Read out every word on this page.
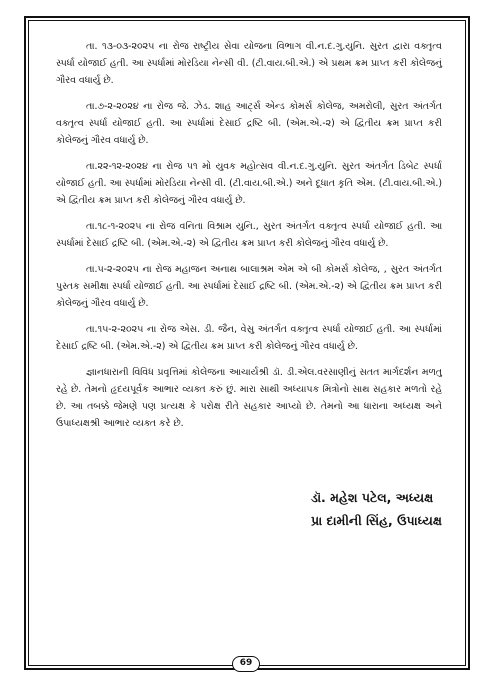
તા. ૧૩-૦૩-૨૦૨૫ ના રોજ રાષ્ટ્રીય સેવા યોજના વિભાગ વી.ન.દ.ગુ.યુનિ. સુરત દ્વારા વક્તૃત્વ સ્પર્ધા યોજાઈ હતી. આ સ્પર્ધામાં મોરડિયા નેન્સી વી. (ટી.વાય.બી.એ.) એ પ્રથમ ક્રમ પ્રાપ્ત કરી કોલેજનું ગૌરવ વધાર્યુ છે.

તા.૭-૨-૨૦૨૪ ના રોજ જે. ઝેડ. શાહ આર્ટ્સ એન્ડ કોમર્સ કોલેજ, અમરોલી, સુરત અંતર્ગત વક્તૃત્વ સ્પર્ધા યોજાઈ હતી. આ સ્પર્ધામાં દેસાઈ દ્રષ્ટિ બી. (એમ.એ.-૨) એ દ્વિતીય ક્રમ પ્રાપ્ત કરી કોલેજનું ગૌરવ વધાર્યુ છે.

તા.૨૨-૧૨-૨૦૨૪ ના રોજ ૫૧ મો યુવક મહોત્સવ વી.ન.દ.ગુ.યુનિ. સુરત અંતર્ગત ડિબેટ સ્પર્ધા યોજાઈ હતી. આ સ્પર્ધામાં મોરડિયા નેન્સી વી. (ટી.વાય.બી.એ.) અને દૂધાત કૃતિ એમ. (ટી.વાય.બી.એ.) એ દ્વિતીય ક્રમ પ્રાપ્ત કરી કોલેજનું ગૌરવ વધાર્યુ છે.

તા.૧૮-૧-૨૦૨૫ ના રોજ વનિતા વિશ્રામ યુનિ., સુરત અંતર્ગત વક્તૃત્વ સ્પર્ધા યોજાઈ હતી. આ સ્પર્ધામાં દેસાઈ દ્રષ્ટિ બી. (એમ.એ.-૨) એ દ્વિતીય ક્રમ પ્રાપ્ત કરી કોલેજનું ગૌરવ વધાર્યુ છે.

તા.૫-૨-૨૦૨૫ ના રોજ મહાજન અનાથ બાલાશ્રમ એમ એ બી કોમર્સ કોલેજ, , સુરત અંતર્ગત પુસ્તક સમીક્ષા સ્પર્ધા યોજાઈ હતી. આ સ્પર્ધામાં દેસાઈ દ્રષ્ટિ બી. (એમ.એ.-૨) એ દ્વિતીય ક્રમ પ્રાપ્ત કરી કોલેજનું ગૌરવ વધાર્યુ છે.

તા.૧૫-૨-૨૦૨૫ ના રોજ એસ. ડી. જૈન, વેસુ અંતર્ગત વક્તૃત્વ સ્પર્ધા યોજાઈ હતી. આ સ્પર્ધામાં દેસાઈ દ્રષ્ટિ બી. (એમ.એ.-૨) એ દ્વિતીય ક્રમ પ્રાપ્ત કરી કોલેજનું ગૌરવ વધાર્યુ છે.

જ્ઞાનધારાની વિવિધ પ્રવૃત્તિમાં કોલેજના આચાર્યશ્રી ડૉ. ડી.એલ.વરસાણીનું સતત માર્ગદર્શન મળતુ રહે છે. તેમનો હૃદયપૂર્વક આભાર વ્યક્ત કરું છું. મારા સાથી અધ્યાપક મિત્રોનો સાથ સહકાર મળતો રહે છે. આ તબક્કે જેમણે પણ પ્રત્યક્ષ કે પરોક્ષ રીતે સહકાર આપ્યો છે. તેમનો આ ધારાના અધ્યક્ષ અને ઉપાધ્યક્ષશ્રી આભાર વ્યક્ત કરે છે.

ડૉ. મહેશ પટેલ, અધ્યક્ષ
પ્રા દામીની સિંહ, ઉપાધ્યક્ષ
69
